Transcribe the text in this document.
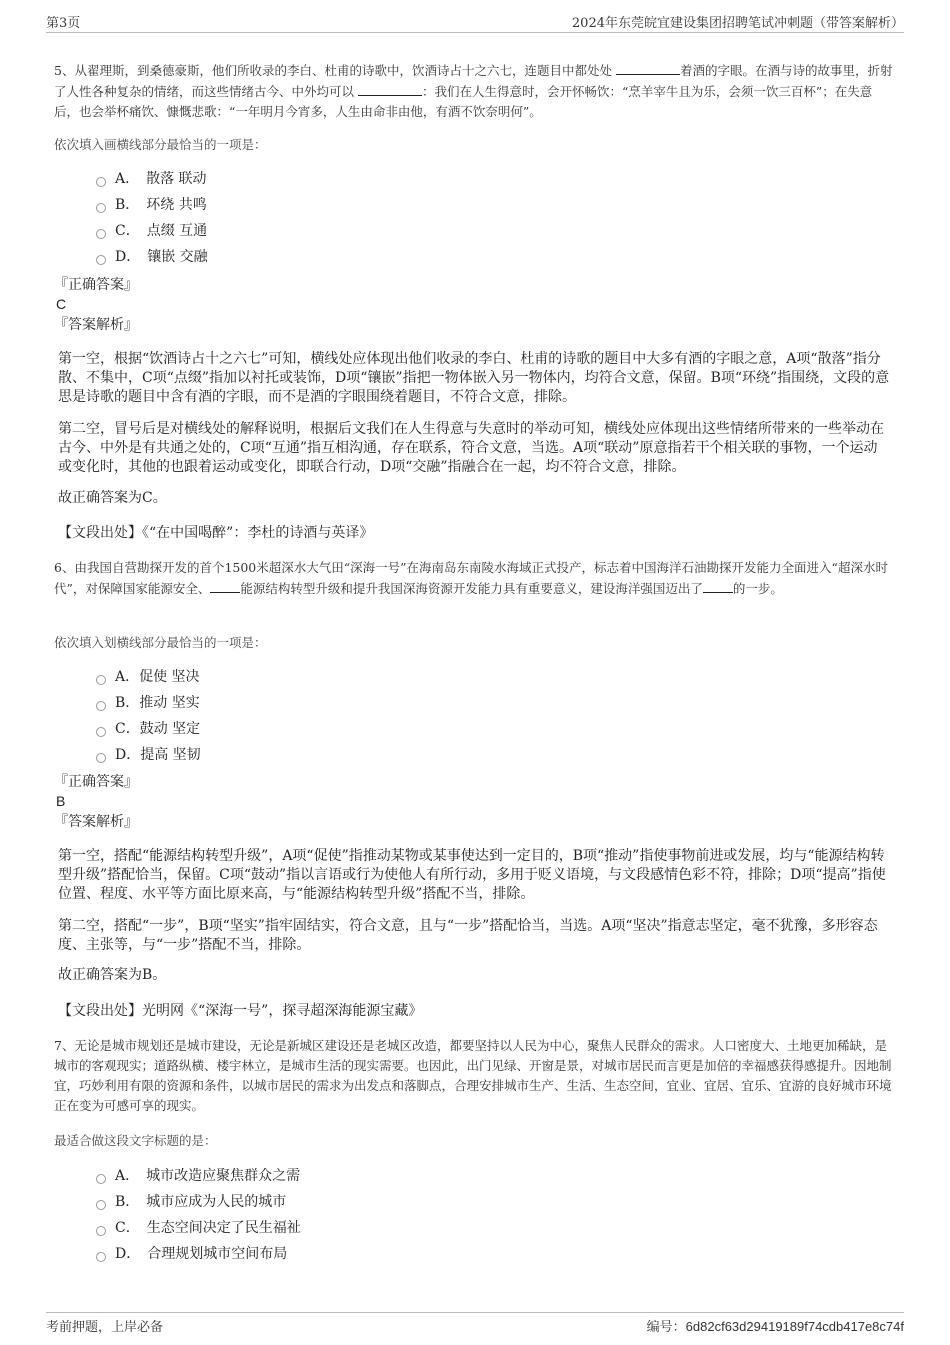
第3页	2024年东莞皖宜建设集团招聘笔试冲刺题（带答案解析）
5、从翟理斯，到桑德豪斯，他们所收录的李白、杜甫的诗歌中，饮酒诗占十之六七，连题目中都处处	着酒的字眼。在酒与诗的故事里，折射了人性各种复杂的情绪，而这些情绪古今、中外均可以	：我们在人生得意时，会开怀畅饮：“烹羊宰牛且为乐，会须一饮三百杯”；在失意后，也会举杯痛饮、慷慨悲歌：“一年明月今宵多，人生由命非由他，有酒不饮奈明何”。
依次填入画横线部分最恰当的一项是：
A．　散落 联动
B．　环绕 共鸣
C．　点缀 互通
D．　镶嵌 交融
『正确答案』
C
『答案解析』
第一空，根据“饮酒诗占十之六七”可知，横线处应体现出他们收录的李白、杜甫的诗歌的题目中大多有酒的字眼之意，A项“散落”指分散、不集中，C项“点缀”指加以衬托或装饰，D项“镶嵌”指把一物体嵌入另一物体内，均符合文意，保留。B项“环绕”指围绕，文段的意思是诗歌的题目中含有酒的字眼，而不是酒的字眼围绕着题目，不符合文意，排除。
第二空，冒号后是对横线处的解释说明，根据后文我们在人生得意与失意时的举动可知，横线处应体现出这些情绪所带来的一些举动在古今、中外是有共通之处的，C项“互通”指互相沟通，存在联系，符合文意，当选。A项“联动”原意指若干个相关联的事物，一个运动或变化时，其他的也跟着运动或变化，即联合行动，D项“交融”指融合在一起，均不符合文意，排除。
故正确答案为C。
【文段出处】《“在中国喝醉”：李杜的诗酒与英译》
6、由我国自营勘探开发的首个1500米超深水大气田“深海一号”在海南岛东南陵水海域正式投产，标志着中国海洋石油勘探开发能力全面进入“超深水时代”，对保障国家能源安全、 能源结构转型升级和提升我国深海资源开发能力具有重要意义，建设海洋强国迈出了 的一步。
依次填入划横线部分最恰当的一项是：
A．促使 坚决
B．推动 坚实
C．鼓动 坚定
D．提高 坚韧
『正确答案』
B
『答案解析』
第一空，搭配“能源结构转型升级”，A项“促使”指推动某物或某事使达到一定目的，B项“推动”指使事物前进或发展，均与“能源结构转型升级”搭配恰当，保留。C项“鼓动”指以言语或行为使他人有所行动，多用于贬义语境，与文段感情色彩不符，排除；D项“提高”指使位置、程度、水平等方面比原来高，与“能源结构转型升级”搭配不当，排除。
第二空，搭配“一步”，B项“坚实”指牢固结实，符合文意，且与“一步”搭配恰当，当选。A项“坚决”指意志坚定，毫不犹豫，多形容态度、主张等，与“一步”搭配不当，排除。
故正确答案为B。
【文段出处】光明网《“深海一号”，探寻超深海能源宝藏》
7、无论是城市规划还是城市建设，无论是新城区建设还是老城区改造，都要坚持以人民为中心，聚焦人民群众的需求。人口密度大、土地更加稀缺，是城市的客观现实；道路纵横、楼宇林立，是城市生活的现实需要。也因此，出门见绿、开窗是景，对城市居民而言更是加倍的幸福感获得感提升。因地制宜，巧妙利用有限的资源和条件，以城市居民的需求为出发点和落脚点，合理安排城市生产、生活、生态空间，宜业、宜居、宜乐、宜游的良好城市环境正在变为可感可享的现实。
最适合做这段文字标题的是：
A．　城市改造应聚焦群众之需
B．　城市应成为人民的城市
C．　生态空间决定了民生福祉
D．　合理规划城市空间布局
考前押题，上岸必备	编号：6d82cf63d29419189f74cdb417e8c74f
